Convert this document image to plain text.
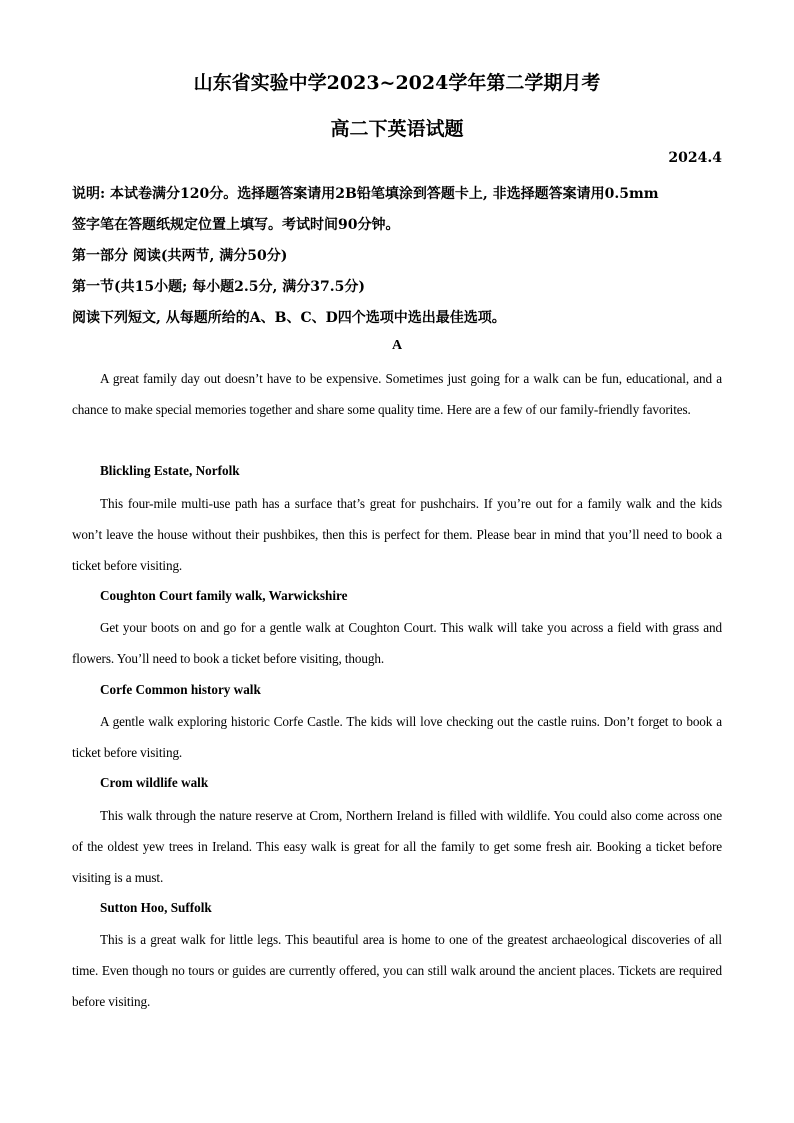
山东省实验中学2023~2024学年第二学期月考
高二下英语试题
2024.4
说明: 本试卷满分120分。选择题答案请用2B铅笔填涂到答题卡上, 非选择题答案请用0.5mm
签字笔在答题纸规定位置上填写。考试时间90分钟。
第一部分 阅读(共两节, 满分50分)
第一节(共15小题; 每小题2.5分, 满分37.5分)
阅读下列短文, 从每题所给的A、B、C、D四个选项中选出最佳选项。
A
A great family day out doesn’t have to be expensive. Sometimes just going for a walk can be fun, educational, and a chance to make special memories together and share some quality time. Here are a few of our family-friendly favorites.
Blickling Estate, Norfolk
This four-mile multi-use path has a surface that’s great for pushchairs. If you’re out for a family walk and the kids won’t leave the house without their pushbikes, then this is perfect for them. Please bear in mind that you’ll need to book a ticket before visiting.
Coughton Court family walk, Warwickshire
Get your boots on and go for a gentle walk at Coughton Court. This walk will take you across a field with grass and flowers. You’ll need to book a ticket before visiting, though.
Corfe Common history walk
A gentle walk exploring historic Corfe Castle. The kids will love checking out the castle ruins. Don’t forget to book a ticket before visiting.
Crom wildlife walk
This walk through the nature reserve at Crom, Northern Ireland is filled with wildlife. You could also come across one of the oldest yew trees in Ireland. This easy walk is great for all the family to get some fresh air. Booking a ticket before visiting is a must.
Sutton Hoo, Suffolk
This is a great walk for little legs. This beautiful area is home to one of the greatest archaeological discoveries of all time. Even though no tours or guides are currently offered, you can still walk around the ancient places. Tickets are required before visiting.
